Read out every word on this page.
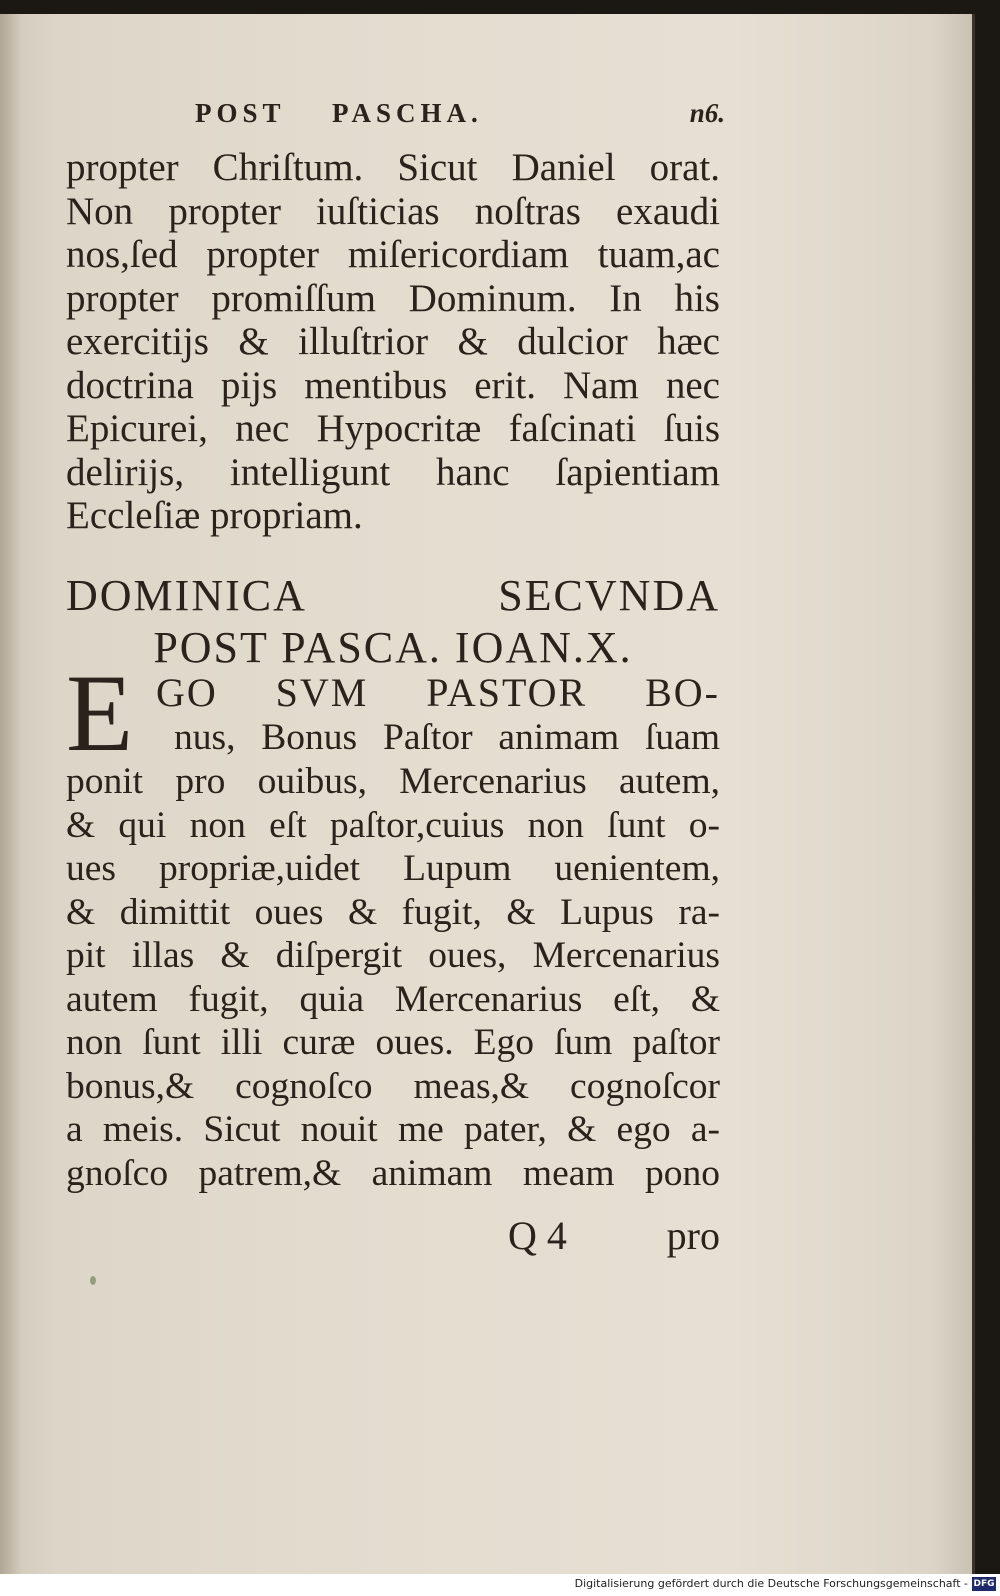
POST    PASCHA.	n6.
propter Chriſtum. Sicut Daniel orat.
Non propter iuſticias noſtras exaudi
nos,ſed propter miſericordiam tuam,ac
propter promiſſum Dominum. In his
exercitijs & illuſtrior & dulcior hæc
doctrina pijs mentibus erit. Nam nec
Epicurei, nec Hypocritæ faſcinati ſuis
delirijs, intelligunt hanc ſapientiam
Eccleſiæ propriam.
DOMINICA SECVNDA
POST PASCA. IOAN.X.
E GO SVM PASTOR BO-
nus, Bonus Paſtor animam ſuam
ponit pro ouibus, Mercenarius autem,
& qui non eſt paſtor,cuius non ſunt o-
ues propriæ,uidet Lupum uenientem,
& dimittit oues & fugit, & Lupus ra-
pit illas & diſpergit oues, Mercenarius
autem fugit, quia Mercenarius eſt, &
non ſunt illi curæ oues. Ego ſum paſtor
bonus,& cognoſco meas,& cognoſcor
a meis. Sicut nouit me pater, & ego a-
gnoſco patrem,& animam meam pono
Q 4 pro
Digitalisierung gefördert durch die Deutsche Forschungsgemeinschaft - DFG
